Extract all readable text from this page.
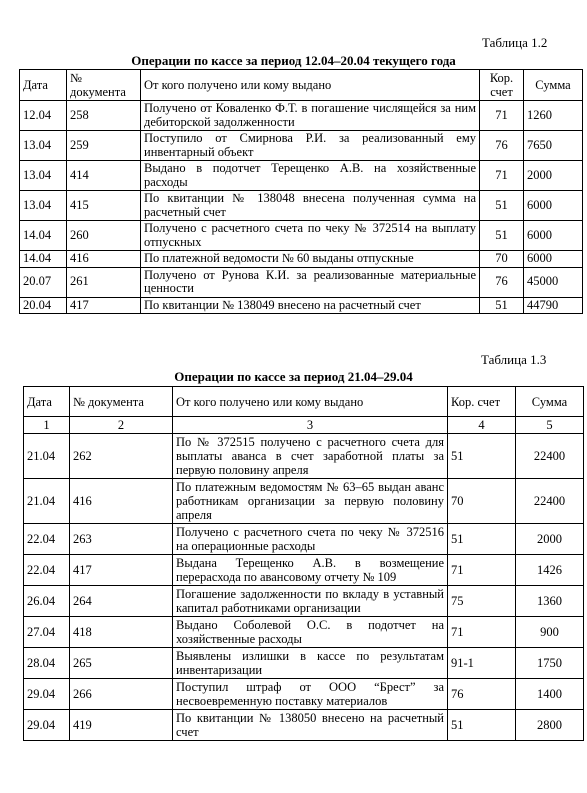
Таблица 1.2
Операции по кассе за период 12.04–20.04 текущего года
Дата	№ документа	От кого получено или кому выдано	Кор. счет	Сумма
12.04	258	Получено от Коваленко Ф.Т. в погашение числящейся за ним дебиторской задолженности	71	1260
13.04	259	Поступило от Смирнова Р.И. за реализованный ему инвентарный объект	76	7650
13.04	414	Выдано в подотчет Терещенко А.В. на хозяйственные расходы	71	2000
13.04	415	По квитанции № 138048 внесена полученная сумма на расчетный счет	51	6000
14.04	260	Получено с расчетного счета по чеку № 372514 на выплату отпускных	51	6000
14.04	416	По платежной ведомости № 60 выданы отпускные	70	6000
20.07	261	Получено от Рунова К.И. за реализованные материальные ценности	76	45000
20.04	417	По квитанции № 138049 внесено на расчетный счет	51	44790
Таблица 1.3
Операции по кассе за период 21.04–29.04
Дата	№ документа	От кого получено или кому выдано	Кор. счет	Сумма
1	2	3	4	5
21.04	262	По № 372515 получено с расчетного счета для выплаты аванса в счет заработной платы за первую половину апреля	51	22400
21.04	416	По платежным ведомостям № 63–65 выдан аванс работникам организации за первую половину апреля	70	22400
22.04	263	Получено с расчетного счета по чеку № 372516 на операционные расходы	51	2000
22.04	417	Выдана Терещенко А.В. в возмещение перерасхода по авансовому отчету № 109	71	1426
26.04	264	Погашение задолженности по вкладу в уставный капитал работниками организации	75	1360
27.04	418	Выдано Соболевой О.С. в подотчет на хозяйственные расходы	71	900
28.04	265	Выявлены излишки в кассе по результатам инвентаризации	91-1	1750
29.04	266	Поступил штраф от ООО “Брест” за несвоевременную поставку материалов	76	1400
29.04	419	По квитанции № 138050 внесено на расчетный счет	51	2800
